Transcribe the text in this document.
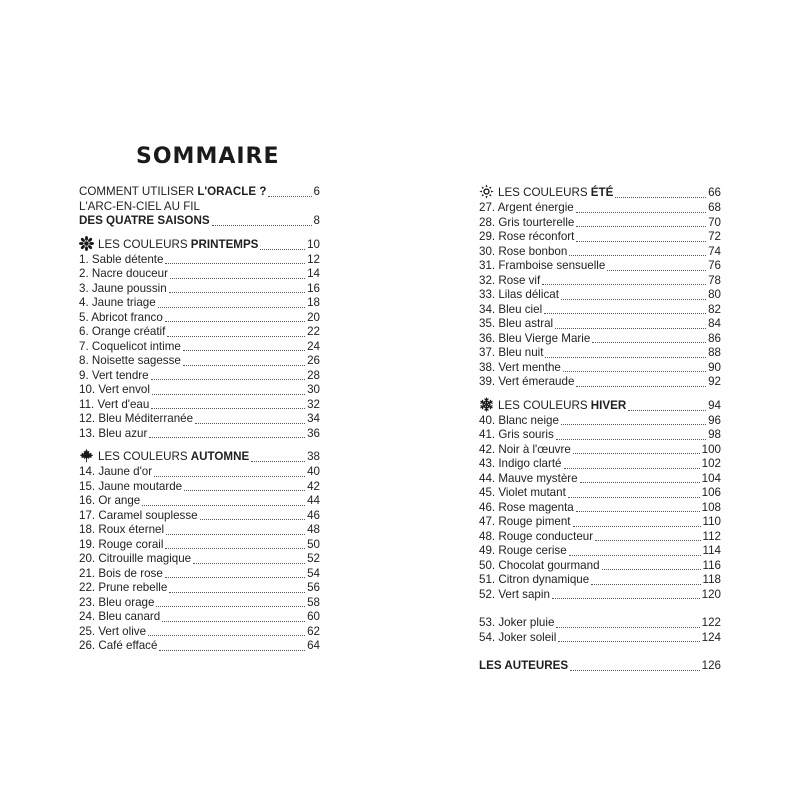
SOMMAIRE
COMMENT UTILISER L'ORACLE ?	6
L'ARC-EN-CIEL AU FIL
DES QUATRE SAISONS	8
LES COULEURS PRINTEMPS	10
1. Sable détente	12
2. Nacre douceur	14
3. Jaune poussin	16
4. Jaune triage	18
5. Abricot franco	20
6. Orange créatif	22
7. Coquelicot intime	24
8. Noisette sagesse	26
9. Vert tendre	28
10. Vert envol	30
11. Vert d'eau	32
12. Bleu Méditerranée	34
13. Bleu azur	36
LES COULEURS AUTOMNE	38
14. Jaune d'or	40
15. Jaune moutarde	42
16. Or ange	44
17. Caramel souplesse	46
18. Roux éternel	48
19. Rouge corail	50
20. Citrouille magique	52
21. Bois de rose	54
22. Prune rebelle	56
23. Bleu orage	58
24. Bleu canard	60
25. Vert olive	62
26. Café effacé	64
LES COULEURS ÉTÉ	66
27. Argent énergie	68
28. Gris tourterelle	70
29. Rose réconfort	72
30. Rose bonbon	74
31. Framboise sensuelle	76
32. Rose vif	78
33. Lilas délicat	80
34. Bleu ciel	82
35. Bleu astral	84
36. Bleu Vierge Marie	86
37. Bleu nuit	88
38. Vert menthe	90
39. Vert émeraude	92
LES COULEURS HIVER	94
40. Blanc neige	96
41. Gris souris	98
42. Noir à l'œuvre	100
43. Indigo clarté	102
44. Mauve mystère	104
45. Violet mutant	106
46. Rose magenta	108
47. Rouge piment	110
48. Rouge conducteur	112
49. Rouge cerise	114
50. Chocolat gourmand	116
51. Citron dynamique	118
52. Vert sapin	120
53. Joker pluie	122
54. Joker soleil	124
LES AUTEURES	126
